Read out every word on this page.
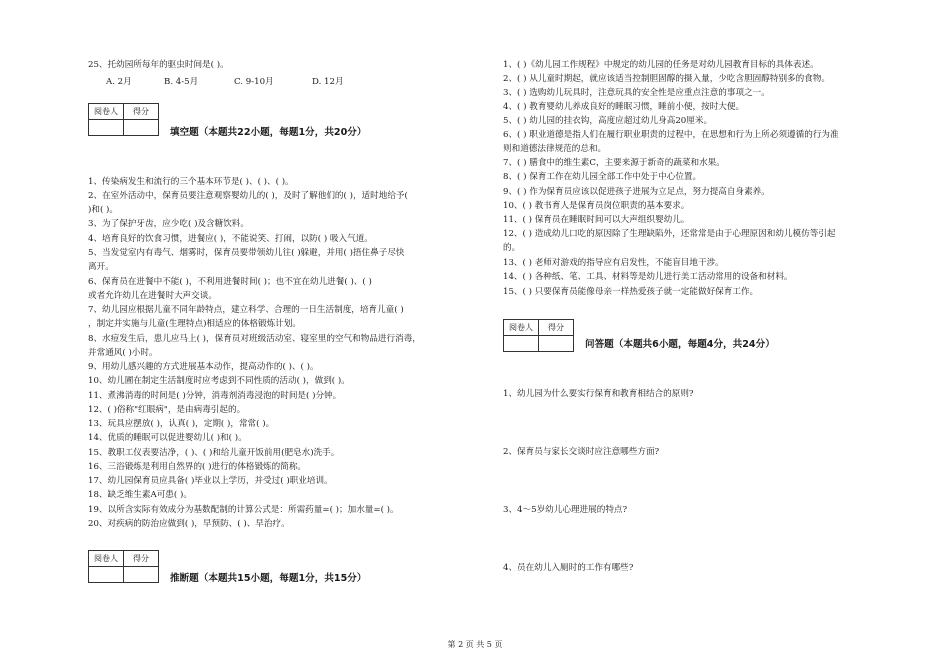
25、托幼园所每年的驱虫时间是( )。
A. 2月	B. 4-5月	C. 9-10月	D. 12月
阅卷人	得分
填空题（本题共22小题，每题1分，共20分）
1、传染病发生和流行的三个基本环节是( )、( )、( )。
2、在室外活动中，保育员要注意观察婴幼儿的( )，及时了解他们的( )，适时地给予(
)和( )。
3、为了保护牙齿，应少吃( )及含糖饮料。
4、培育良好的饮食习惯，进餐应( )，不能说笑、打闹，以防( ) 吸入气道。
5、当发觉室内有毒气、烟雾时，保育员要带领幼儿往( )躲避，并用( )捂住鼻子尽快
离开。
6、保育员在进餐中不能( )，不利用进餐时间( )；也不宜在幼儿进餐( )、( )
或者允许幼儿在进餐时大声交谈。
7、幼儿园应根据儿童不同年龄特点，建立科学、合理的一日生活制度，培育儿童( )
，制定并实施与儿童(生理特点)相适应的体格锻炼计划。
8、水痘发生后，患儿应马上( )，保育员对班级活动室、寝室里的空气和物品进行消毒，
并常通风( )小时。
9、用幼儿感兴趣的方式进展基本动作，提高动作的( )、( )。
10、幼儿圃在制定生活制度时应考虑到不同性质的活动( )，做到( )。
11、煮沸消毒的时间是( )分钟，消毒剂消毒浸泡的时间是( )分钟。
12、( )俗称"红眼病"，是由病毒引起的。
13、玩具应摆放( )，认真( )，定期( )，常常( )。
14、优质的睡眠可以促进婴幼儿( )和( )。
15、教职工仪表要洁净，( )、( )和给儿童开饭前用(肥皂水)洗手。
16、三浴锻炼是利用自然界的( )进行的体格锻炼的简称。
17、幼儿园保育员应具备( )毕业以上学历，并受过( )职业培训。
18、缺乏维生素A可患( )。
19、以所含实际有效成分为基数配制的计算公式是：所需药量=( )；加水量=( )。
20、对疾病的防治应做到( )，早预防、( )、早治疗。
阅卷人	得分
推断题（本题共15小题，每题1分，共15分）
1、( )《幼儿园工作规程》中规定的幼儿园的任务是对幼儿园教育目标的具体表述。
2、( ) 从儿童时期起，就应该适当控制胆固醇的摄入量，少吃含胆固醇特别多的食物。
3、( ) 选购幼儿玩具时，注意玩具的安全性是应重点注意的事项之一。
4、( ) 教育婴幼儿养成良好的睡眠习惯，睡前小便，按时大便。
5、( ) 幼儿园的挂衣钩，高度应超过幼儿身高20厘米。
6、( ) 职业道德是指人们在履行职业职责的过程中，在思想和行为上所必须遵循的行为准
则和道德法律规范的总和。
7、( ) 膳食中的维生素C，主要来源于新奇的蔬菜和水果。
8、( ) 保育工作在幼儿园全部工作中处于中心位置。
9、( ) 作为保育员应该以促进孩子进展为立足点，努力提高自身素养。
10、( ) 教书育人是保育员岗位职责的基本要求。
11、( ) 保育员在睡眠时间可以大声组织婴幼儿。
12、( ) 造成幼儿口吃的原因除了生理缺陷外，还常常是由于心理原因和幼儿模仿等引起
的。
13、( ) 老师对游戏的指导应有启发性，不能盲目地干涉。
14、( ) 各种纸、笔、工具、材料等是幼儿进行美工活动常用的设备和材料。
15、( ) 只要保育员能像母亲一样热爱孩子就一定能做好保育工作。
阅卷人	得分
问答题（本题共6小题，每题4分，共24分）
1、幼儿园为什么要实行保育和教育相结合的原则?
2、保育员与家长交谈时应注意哪些方面?
3、4～5岁幼儿心理进展的特点?
4、员在幼儿入厕时的工作有哪些?
第 2 页 共 5 页
